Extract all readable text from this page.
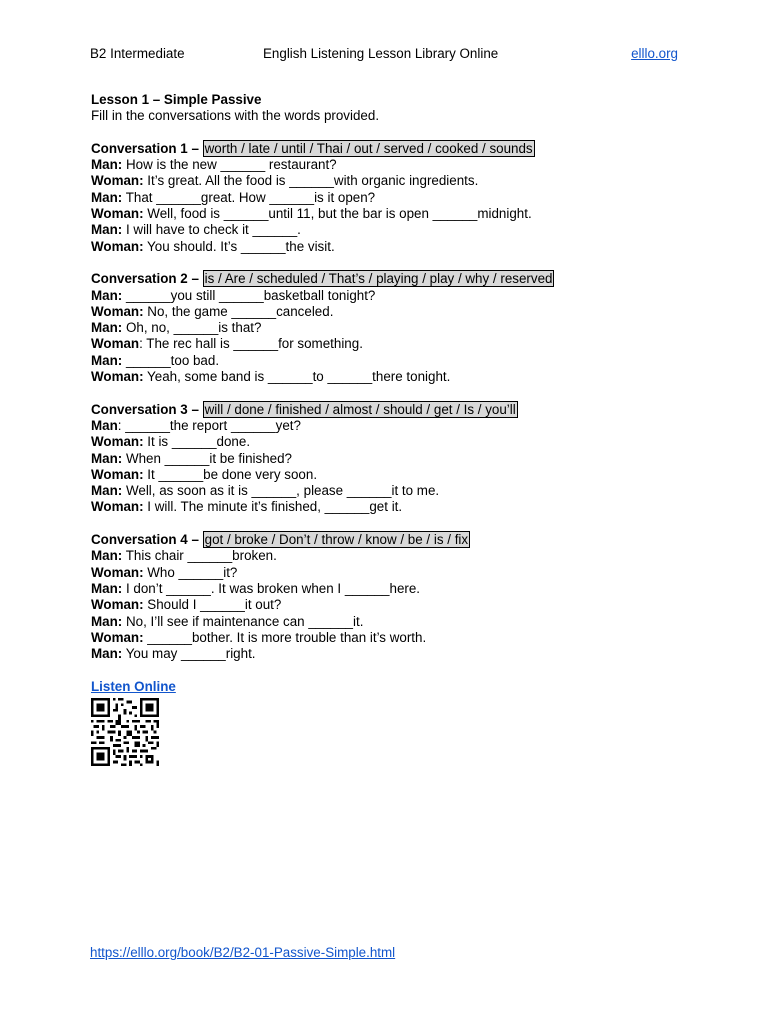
B2 Intermediate	English Listening Lesson Library Online	elllo.org
Lesson 1 – Simple Passive
Fill in the conversations with the words provided.
Conversation 1 – worth / late / until / Thai / out / served / cooked / sounds
Man: How is the new ______ restaurant?
Woman: It’s great. All the food is ______with organic ingredients.
Man: That ______great. How ______is it open?
Woman: Well, food is ______until 11, but the bar is open ______midnight.
Man: I will have to check it ______.
Woman: You should. It’s ______the visit.
Conversation 2 – is / Are / scheduled / That’s / playing / play / why / reserved
Man: ______you still ______basketball tonight?
Woman: No, the game ______canceled.
Man: Oh, no, ______is that?
Woman: The rec hall is ______for something.
Man: ______too bad.
Woman: Yeah, some band is ______to ______there tonight.
Conversation 3 – will / done / finished / almost / should / get / Is / you’ll
Man: ______the report ______yet?
Woman: It is ______done.
Man: When ______it be finished?
Woman: It ______be done very soon.
Man: Well, as soon as it is ______, please ______it to me.
Woman: I will. The minute it’s finished, ______get it.
Conversation 4 – got / broke / Don’t / throw / know / be / is / fix
Man: This chair ______broken.
Woman: Who ______it?
Man: I don’t ______. It was broken when I ______here.
Woman: Should I ______it out?
Man: No, I’ll see if maintenance can ______it.
Woman: ______bother. It is more trouble than it’s worth.
Man: You may ______right.
Listen Online
https://elllo.org/book/B2/B2-01-Passive-Simple.html
